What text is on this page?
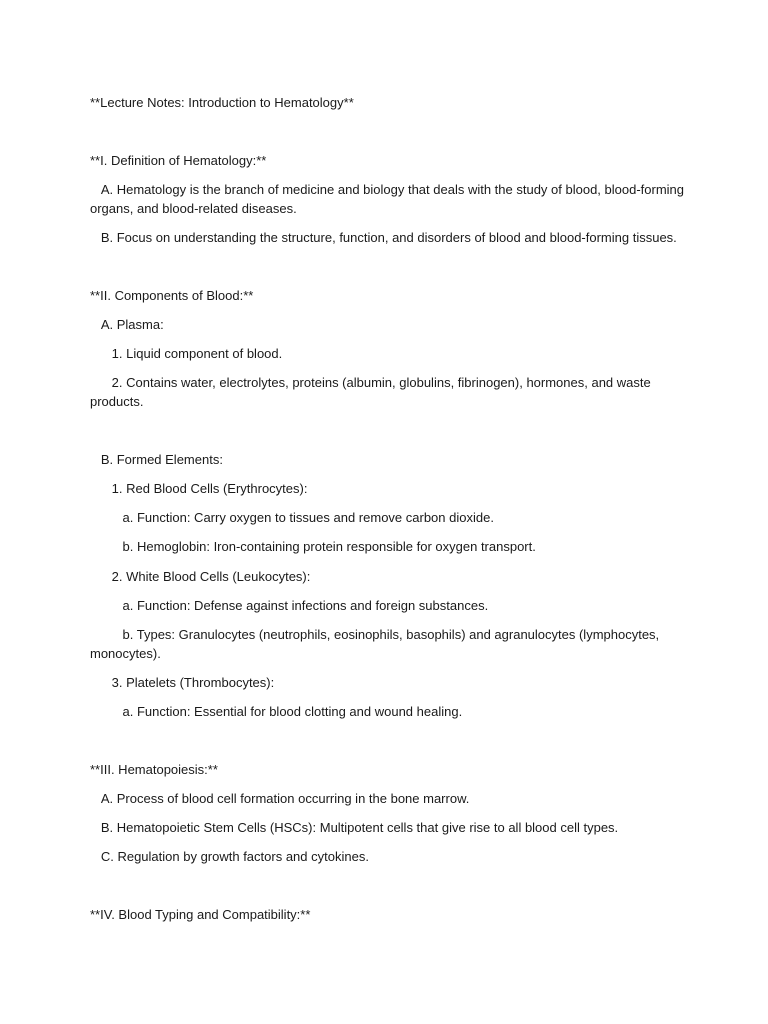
**Lecture Notes: Introduction to Hematology**

**I. Definition of Hematology:**

A. Hematology is the branch of medicine and biology that deals with the study of blood, blood-forming organs, and blood-related diseases.

B. Focus on understanding the structure, function, and disorders of blood and blood-forming tissues.

**II. Components of Blood:**

A. Plasma:

1. Liquid component of blood.

2. Contains water, electrolytes, proteins (albumin, globulins, fibrinogen), hormones, and waste products.

B. Formed Elements:

1. Red Blood Cells (Erythrocytes):

a. Function: Carry oxygen to tissues and remove carbon dioxide.

b. Hemoglobin: Iron-containing protein responsible for oxygen transport.

2. White Blood Cells (Leukocytes):

a. Function: Defense against infections and foreign substances.

b. Types: Granulocytes (neutrophils, eosinophils, basophils) and agranulocytes (lymphocytes, monocytes).

3. Platelets (Thrombocytes):

a. Function: Essential for blood clotting and wound healing.

**III. Hematopoiesis:**

A. Process of blood cell formation occurring in the bone marrow.

B. Hematopoietic Stem Cells (HSCs): Multipotent cells that give rise to all blood cell types.

C. Regulation by growth factors and cytokines.

**IV. Blood Typing and Compatibility:**
